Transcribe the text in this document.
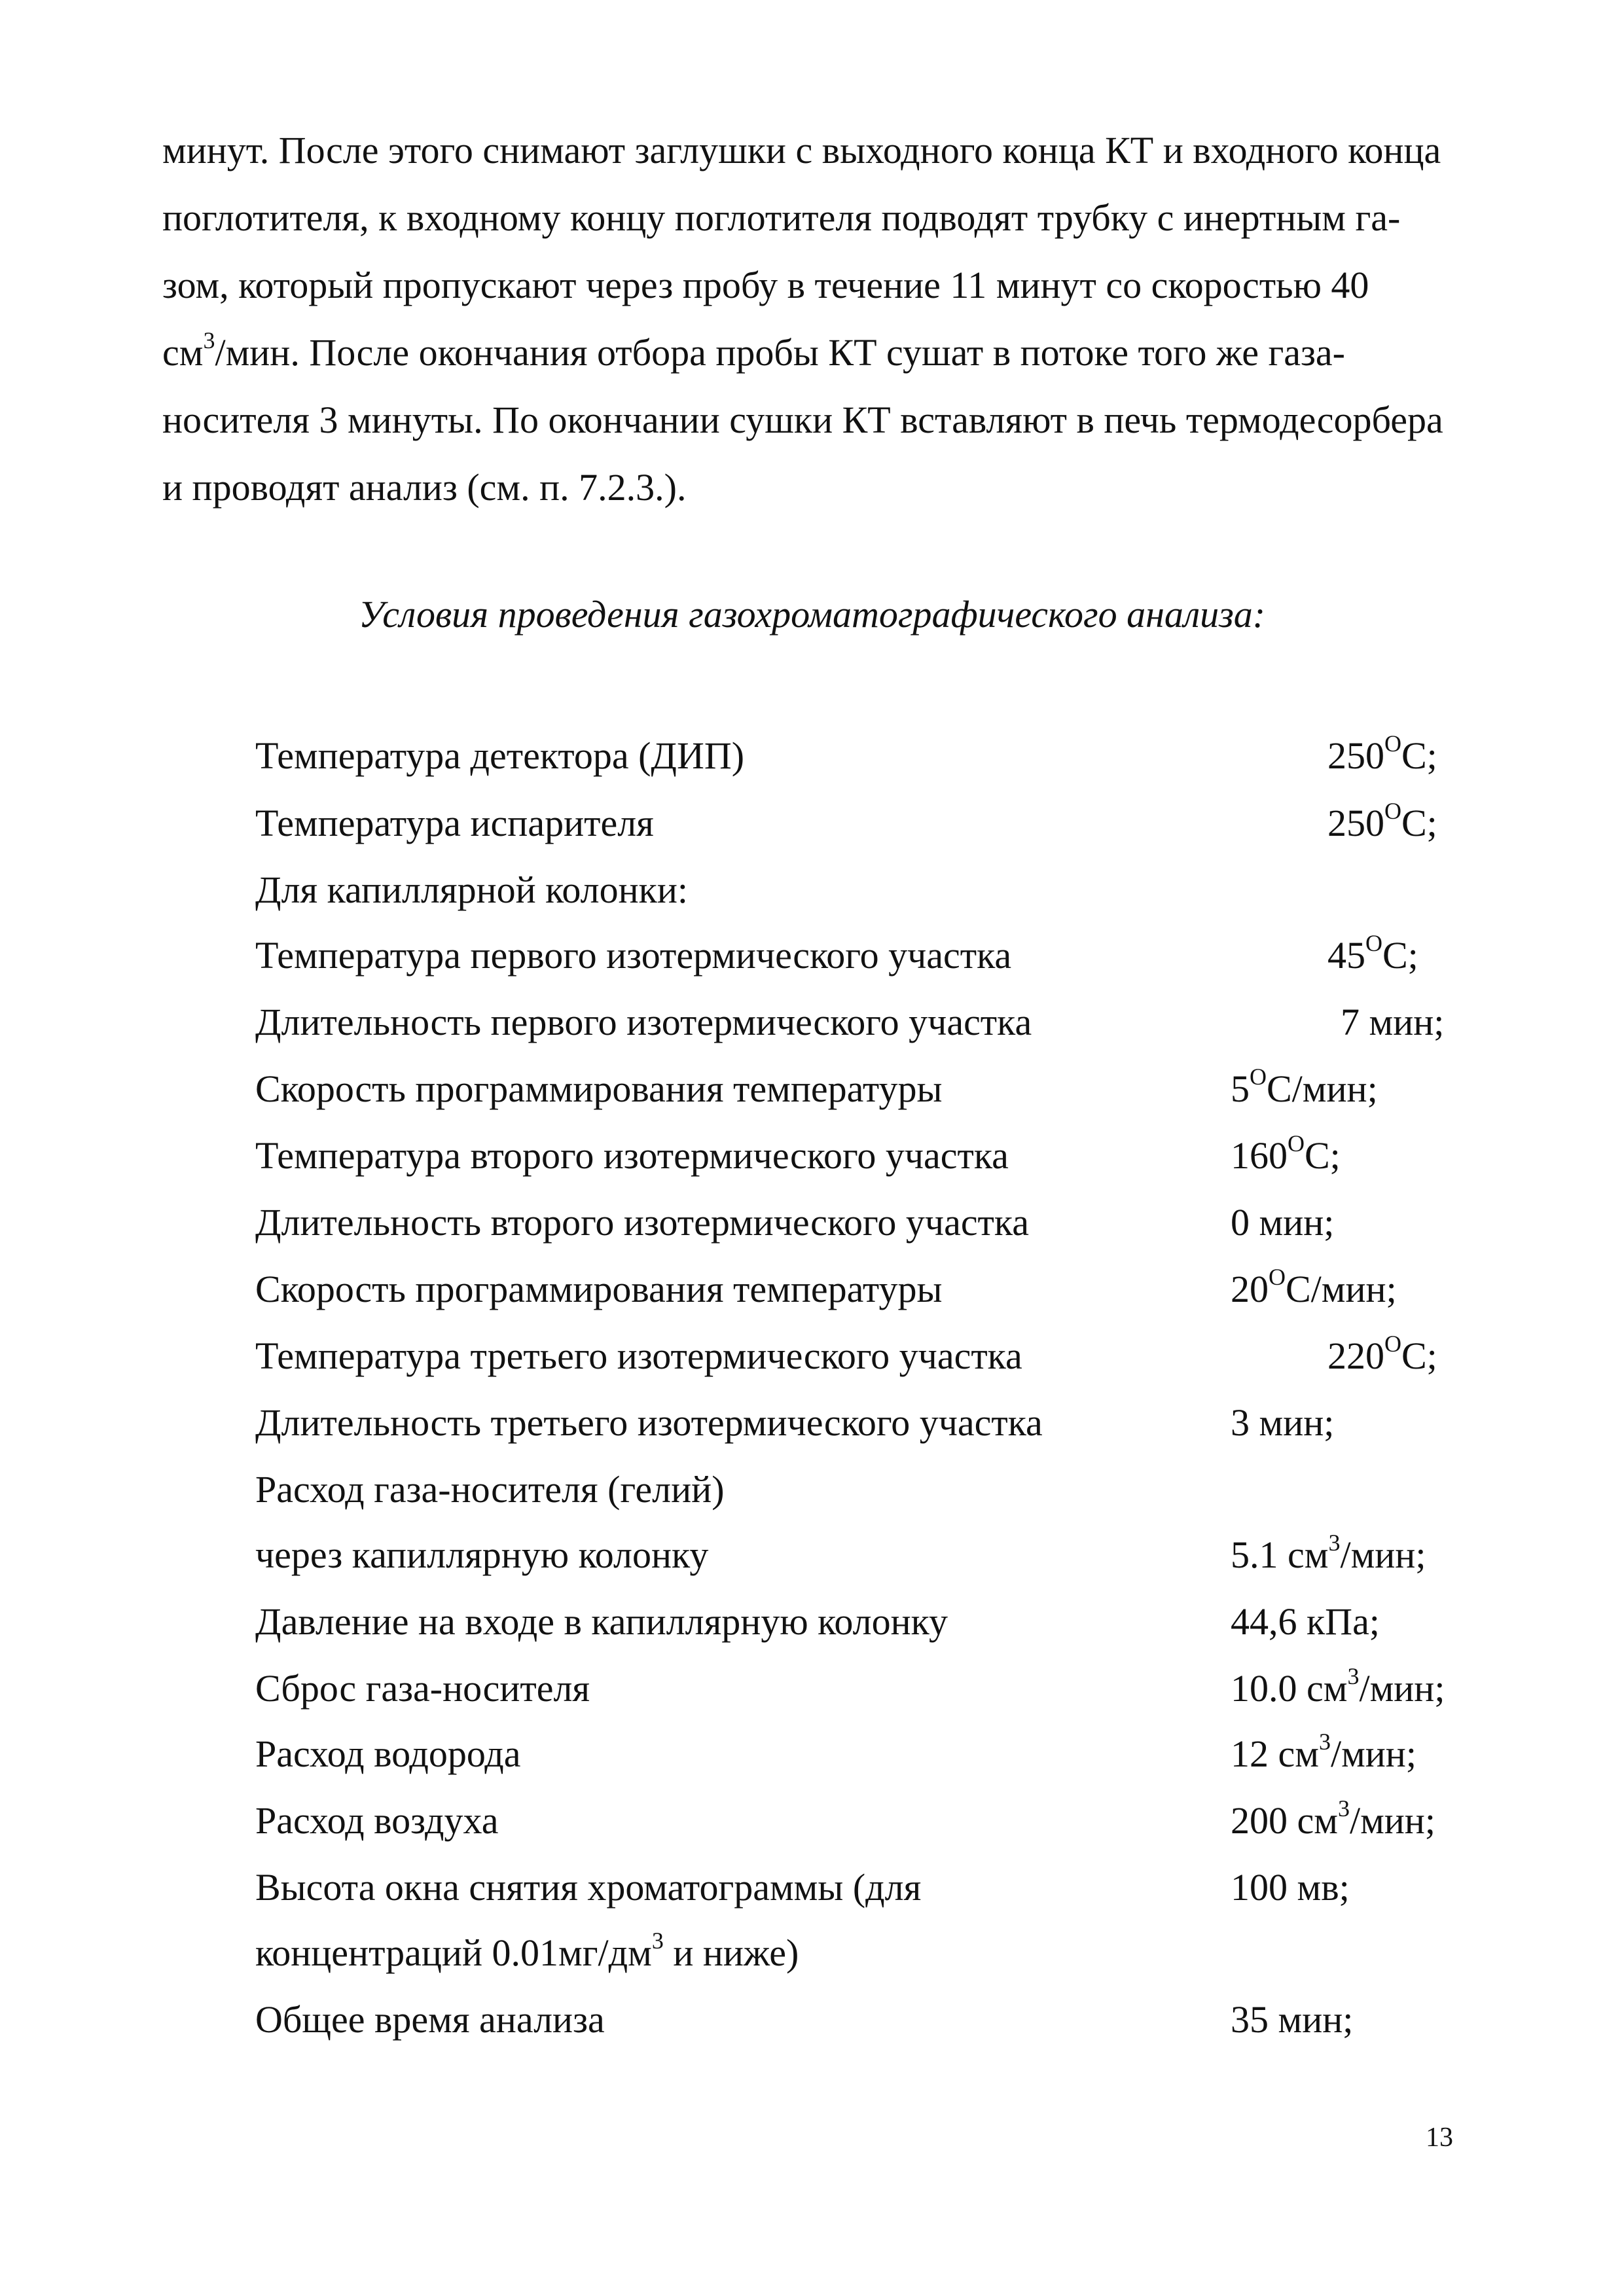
минут. После этого снимают заглушки с выходного конца КТ и входного конца
поглотителя, к входному концу поглотителя подводят трубку с инертным га-
зом, который пропускают через пробу в течение 11 минут со скоростью 40
$см^3$/мин. После окончания отбора пробы КТ сушат в потоке того же газа-
носителя 3 минуты. По окончании сушки КТ вставляют в печь термодесорбера
и проводят анализ (см. п. 7.2.3.).
Условия проведения газохроматографического анализа:
Температура детектора (ДИП)	$250^OС$;
Температура испарителя	$250^OС$;
Для капиллярной колонки:
Температура первого изотермического участка	$45^OС$;
Длительность первого изотермического участка	7 мин;
Скорость программирования температуры	$5^OС$/мин;
Температура второго изотермического участка	$160^OС$;
Длительность второго изотермического участка	0 мин;
Скорость программирования температуры	$20^OС$/мин;
Температура третьего изотермического участка	$220^OС$;
Длительность третьего изотермического участка	3 мин;
Расход газа-носителя (гелий)
через капиллярную колонку	5.1 $см^3$/мин;
Давление на входе в капиллярную колонку	44,6 кПа;
Сброс газа-носителя	10.0 $см^3$/мин;
Расход водорода	12 $см^3$/мин;
Расход воздуха	200 $см^3$/мин;
Высота окна снятия хроматограммы (для	100 мв;
концентраций $0.01мг/дм^3$ и ниже)
Общее время анализа	35 мин;
13
